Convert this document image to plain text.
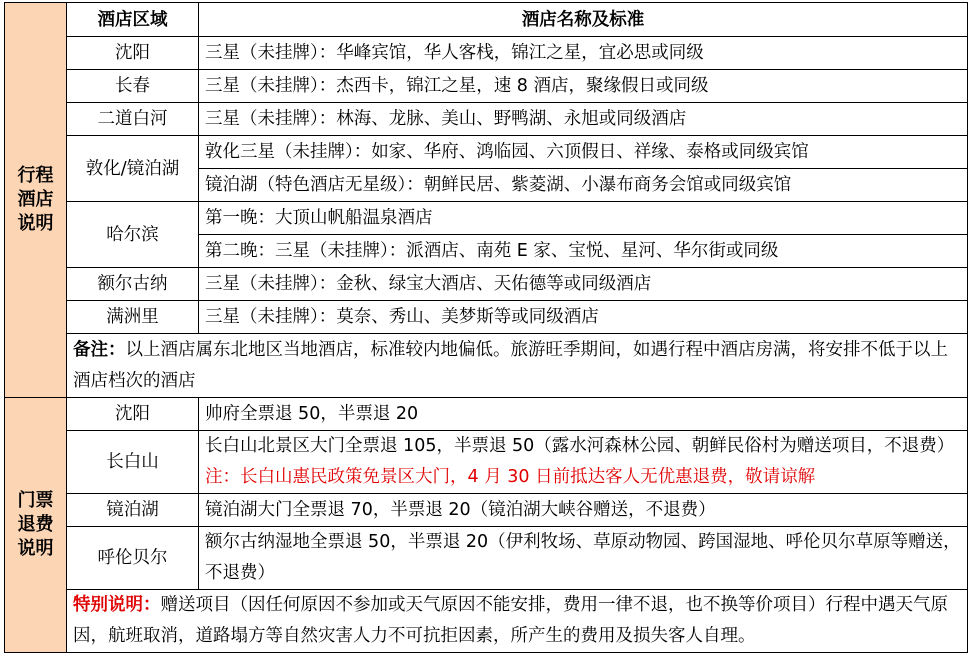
行程
酒店
说明	酒店区域	酒店名称及标准
	沈阳	三星（未挂牌）：华峰宾馆，华人客栈，锦江之星，宜必思或同级
	长春	三星（未挂牌）：杰西卡，锦江之星，速 8 酒店，聚缘假日或同级
	二道白河	三星（未挂牌）：林海、龙脉、美山、野鸭湖、永旭或同级酒店
	敦化/镜泊湖	敦化三星（未挂牌）：如家、华府、鸿临园、六顶假日、祥缘、泰格或同级宾馆
		镜泊湖（特色酒店无星级）：朝鲜民居、紫菱湖、小瀑布商务会馆或同级宾馆
	哈尔滨	第一晚：大顶山帆船温泉酒店
		第二晚：三星（未挂牌）：派酒店、南苑 E 家、宝悦、星河、华尔街或同级
	额尔古纳	三星（未挂牌）：金秋、绿宝大酒店、天佑德等或同级酒店
	满洲里	三星（未挂牌）：莫奈、秀山、美梦斯等或同级酒店
	备注：以上酒店属东北地区当地酒店，标准较内地偏低。旅游旺季期间，如遇行程中酒店房满，将安排不低于以上酒店档次的酒店	

门票
退费
说明	沈阳	帅府全票退 50，半票退 20
	长白山	长白山北景区大门全票退 105，半票退 50（露水河森林公园、朝鲜民俗村为赠送项目，不退费）注：长白山惠民政策免景区大门，4 月 30 日前抵达客人无优惠退费，敬请谅解
	镜泊湖	镜泊湖大门全票退 70，半票退 20（镜泊湖大峡谷赠送，不退费）
	呼伦贝尔	额尔古纳湿地全票退 50，半票退 20（伊利牧场、草原动物园、跨国湿地、呼伦贝尔草原等赠送，不退费）
	特别说明：赠送项目（因任何原因不参加或天气原因不能安排，费用一律不退，也不换等价项目）行程中遇天气原因，航班取消，道路塌方等自然灾害人力不可抗拒因素，所产生的费用及损失客人自理。	
